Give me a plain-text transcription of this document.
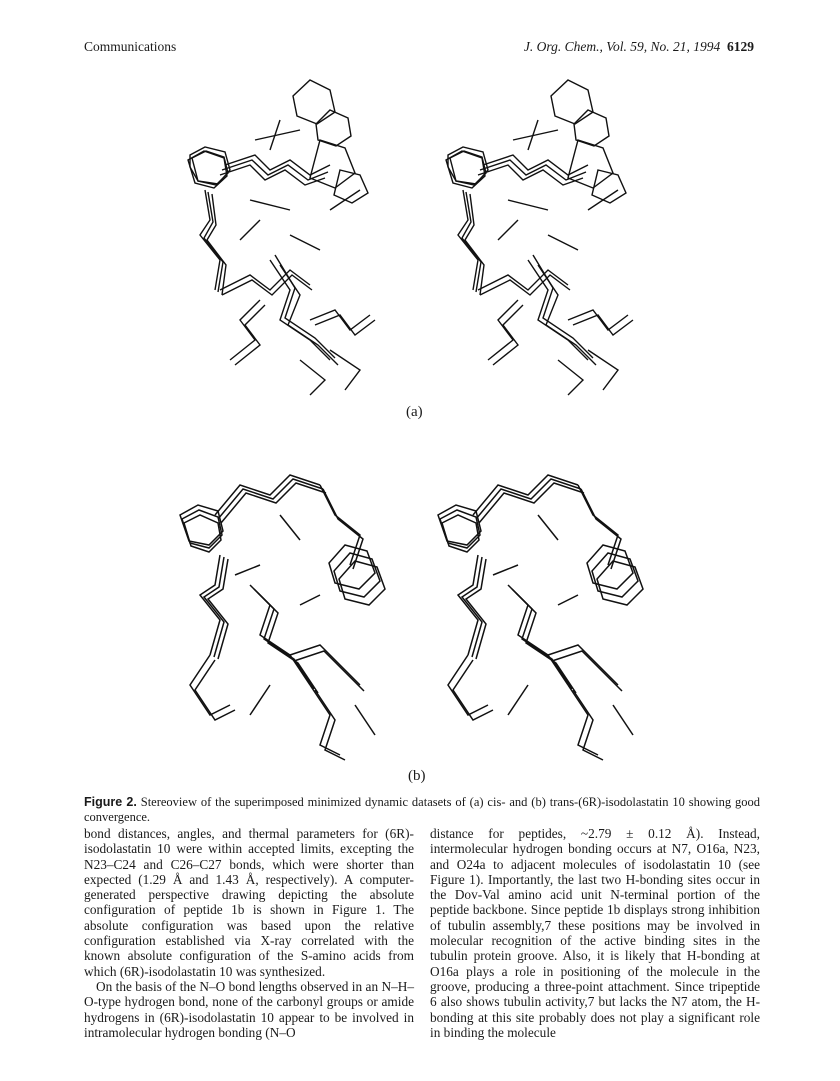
Communications	J. Org. Chem., Vol. 59, No. 21, 1994 6129
(a)
(b)
Figure 2. Stereoview of the superimposed minimized dynamic datasets of (a) cis- and (b) trans-(6R)-isodolastatin 10 showing good convergence.

bond distances, angles, and thermal parameters for (6R)-isodolastatin 10 were within accepted limits, excepting the N23–C24 and C26–C27 bonds, which were shorter than expected (1.29 Å and 1.43 Å, respectively). A computer-generated perspective drawing depicting the absolute configuration of peptide 1b is shown in Figure 1. The absolute configuration was based upon the relative configuration established via X-ray correlated with the known absolute configuration of the S-amino acids from which (6R)-isodolastatin 10 was synthesized.

On the basis of the N–O bond lengths observed in an N–H–O-type hydrogen bond, none of the carbonyl groups or amide hydrogens in (6R)-isodolastatin 10 appear to be involved in intramolecular hydrogen bonding (N–O

distance for peptides, ~2.79 ± 0.12 Å). Instead, intermolecular hydrogen bonding occurs at N7, O16a, N23, and O24a to adjacent molecules of isodolastatin 10 (see Figure 1). Importantly, the last two H-bonding sites occur in the Dov-Val amino acid unit N-terminal portion of the peptide backbone. Since peptide 1b displays strong inhibition of tubulin assembly,7 these positions may be involved in molecular recognition of the active binding sites in the tubulin protein groove. Also, it is likely that H-bonding at O16a plays a role in positioning of the molecule in the groove, producing a three-point attachment. Since tripeptide 6 also shows tubulin activity,7 but lacks the N7 atom, the H-bonding at this site probably does not play a significant role in binding the molecule
